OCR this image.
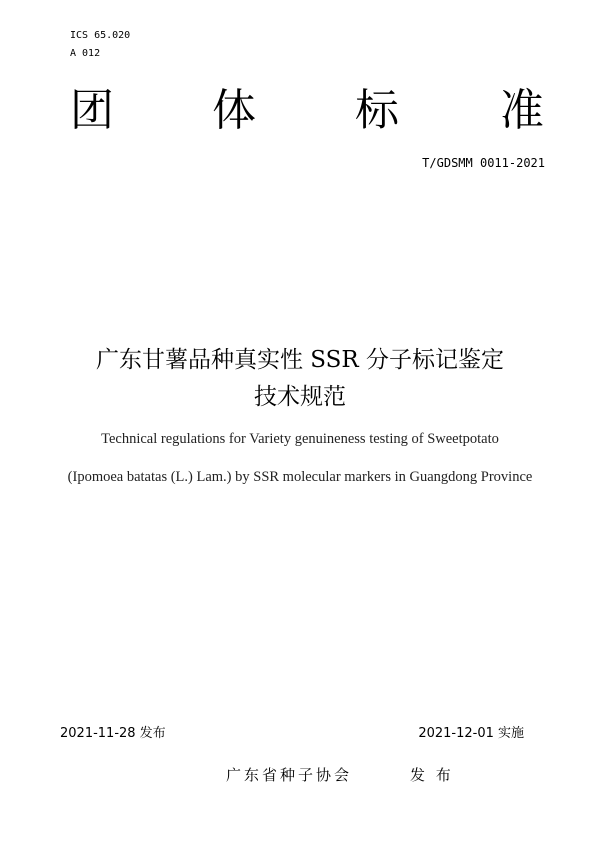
ICS 65.020
A 012
团 体 标 准
T/GDSMM 0011-2021
广东甘薯品种真实性 SSR 分子标记鉴定
技术规范
Technical regulations for Variety genuineness testing of Sweetpotato
(Ipomoea batatas (L.) Lam.) by SSR molecular markers in Guangdong Province
2021-11-28 发布	2021-12-01 实施
广东省种子协会	发 布
